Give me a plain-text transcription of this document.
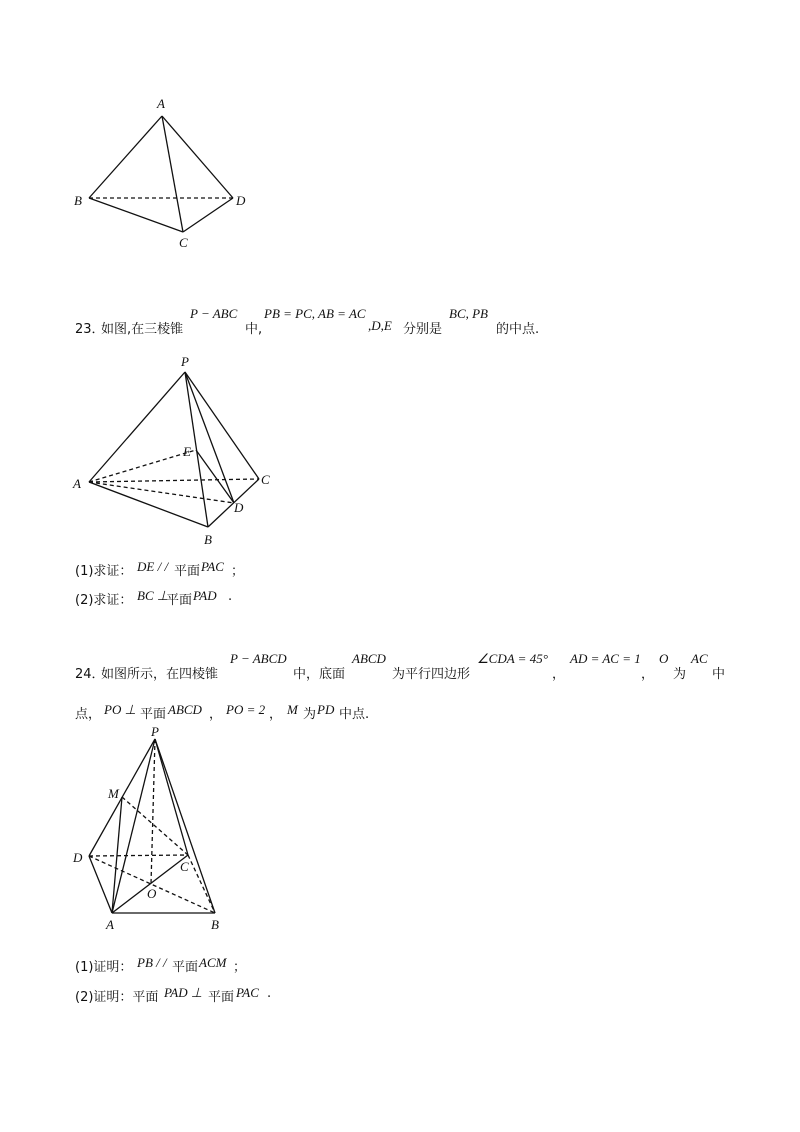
A
B
C
D
23．
如图,在三棱锥
P − ABC
中,
PB = PC, AB = AC
,D,E 分别是
BC, PB
的中点.
P
E
A	C
D
B
(1)求证： DE / / 平面 PAC ；
(2)求证： BC ⊥
平面 PAD .
24．
如图所示，在四棱锥
P − ABCD
中，底面
ABCD
为平行四边形
∠CDA = 45°
，
AD = AC = 1
，
O
为
AC
中
点， PO ⊥ 平面 ABCD ， PO = 2 ， M 为 PD 中点.
P
M
D
C
O
A	B
(1)证明： PB / / 平面 ACM ；
(2)证明：平面 PAD ⊥ 平面 PAC .
